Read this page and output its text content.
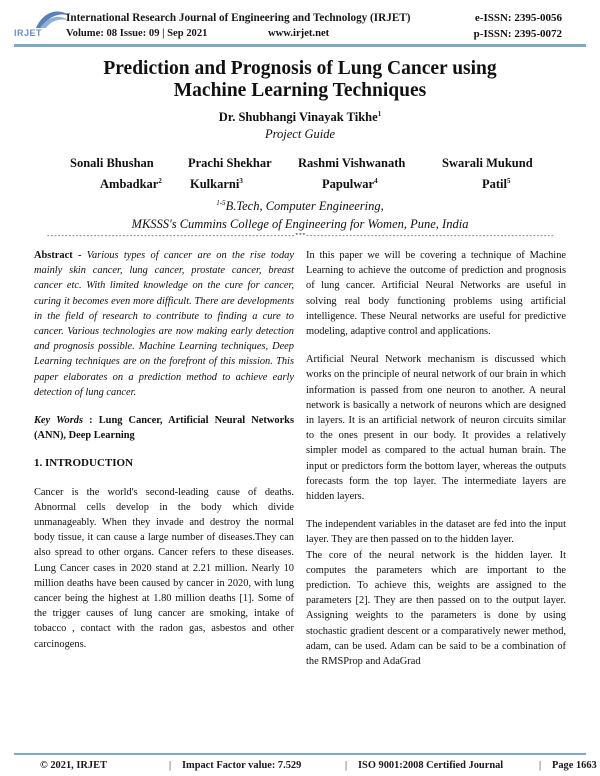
IRJET
International Research Journal of Engineering and Technology (IRJET)
Volume: 08 Issue: 09 | Sep 2021	www.irjet.net
e-ISSN: 2395-0056
p-ISSN: 2395-0072
Prediction and Prognosis of Lung Cancer using
Machine Learning Techniques
Dr. Shubhangi Vinayak Tikhe$^1$
Project Guide
Sonali Bhushan
Ambadkar$^2$
Prachi Shekhar
Kulkarni$^3$
Rashmi Vishwanath
Papulwar$^4$
Swarali Mukund
Patil$^5$
$^{1-5}$B.Tech, Computer Engineering,
MKSSS's Cummins College of Engineering for Women, Pune, India
---------------------------------------------------------------------***---------------------------------------------------------------------

Abstract - Various types of cancer are on the rise today mainly skin cancer, lung cancer, prostate cancer, breast cancer etc. With limited knowledge on the cure for cancer, curing it becomes even more difficult. There are developments in the field of research to contribute to finding a cure to cancer. Various technologies are now making early detection and prognosis possible. Machine Learning techniques, Deep Learning techniques are on the forefront of this mission. This paper elaborates on a prediction method to achieve early detection of lung cancer.

Key Words : Lung Cancer, Artificial Neural Networks (ANN), Deep Learning

1. INTRODUCTION

Cancer is the world's second-leading cause of deaths. Abnormal cells develop in the body which divide unmanageably. When they invade and destroy the normal body tissue, it can cause a large number of diseases.They can also spread to other organs. Cancer refers to these diseases. Lung Cancer cases in 2020 stand at 2.21 million. Nearly 10 million deaths have been caused by cancer in 2020, with lung cancer being the highest at 1.80 million deaths [1]. Some of the trigger causes of lung cancer are smoking, intake of tobacco , contact with the radon gas, asbestos and other carcinogens.

In this paper we will be covering a technique of Machine Learning to achieve the outcome of prediction and prognosis of lung cancer. Artificial Neural Networks are useful in solving real body functioning problems using artificial intelligence. These Neural networks are useful for predictive modeling, adaptive control and applications.

Artificial Neural Network mechanism is discussed which works on the principle of neural network of our brain in which information is passed from one neuron to another. A neural network is basically a network of neurons which are designed in layers. It is an artificial network of neuron circuits similar to the ones present in our body. It provides a relatively simpler model as compared to the actual human brain. The input or predictors form the bottom layer, whereas the outputs forecasts form the top layer. The intermediate layers are hidden layers.

The independent variables in the dataset are fed into the input layer. They are then passed on to the hidden layer.

The core of the neural network is the hidden layer. It computes the parameters which are important to the prediction. To achieve this, weights are assigned to the parameters [2]. They are then passed on to the output layer. Assigning weights to the parameters is done by using stochastic gradient descent or a comparatively newer method, adam, can be used. Adam can be said to be a combination of the RMSProp and AdaGrad

© 2021, IRJET	| Impact Factor value: 7.529	| ISO 9001:2008 Certified Journal	| Page 1663
